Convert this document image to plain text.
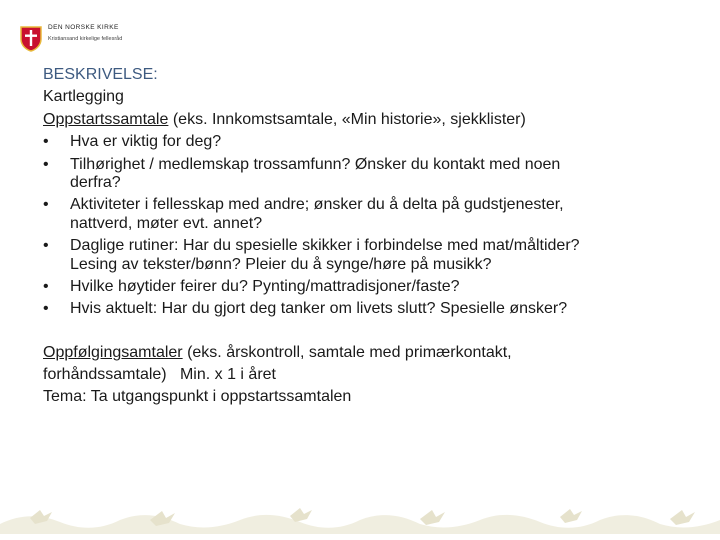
DEN NORSKE KIRKE
Kristiansand kirkelige fellesråd
BESKRIVELSE:
Kartlegging
Oppstartssamtale (eks. Innkomstsamtale, «Min historie», sjekklister)
• Hva er viktig for deg?
• Tilhørighet / medlemskap trossamfunn? Ønsker du kontakt med noen
derfra?
• Aktiviteter i fellesskap med andre; ønsker du å delta på gudstjenester,
nattverd, møter evt. annet?
• Daglige rutiner: Har du spesielle skikker i forbindelse med mat/måltider?
Lesing av tekster/bønn? Pleier du å synge/høre på musikk?
• Hvilke høytider feirer du? Pynting/mattradisjoner/faste?
• Hvis aktuelt: Har du gjort deg tanker om livets slutt? Spesielle ønsker?
Oppfølgingsamtaler (eks. årskontroll, samtale med primærkontakt,
forhåndssamtale)   Min. x 1 i året
Tema: Ta utgangspunkt i oppstartssamtalen
